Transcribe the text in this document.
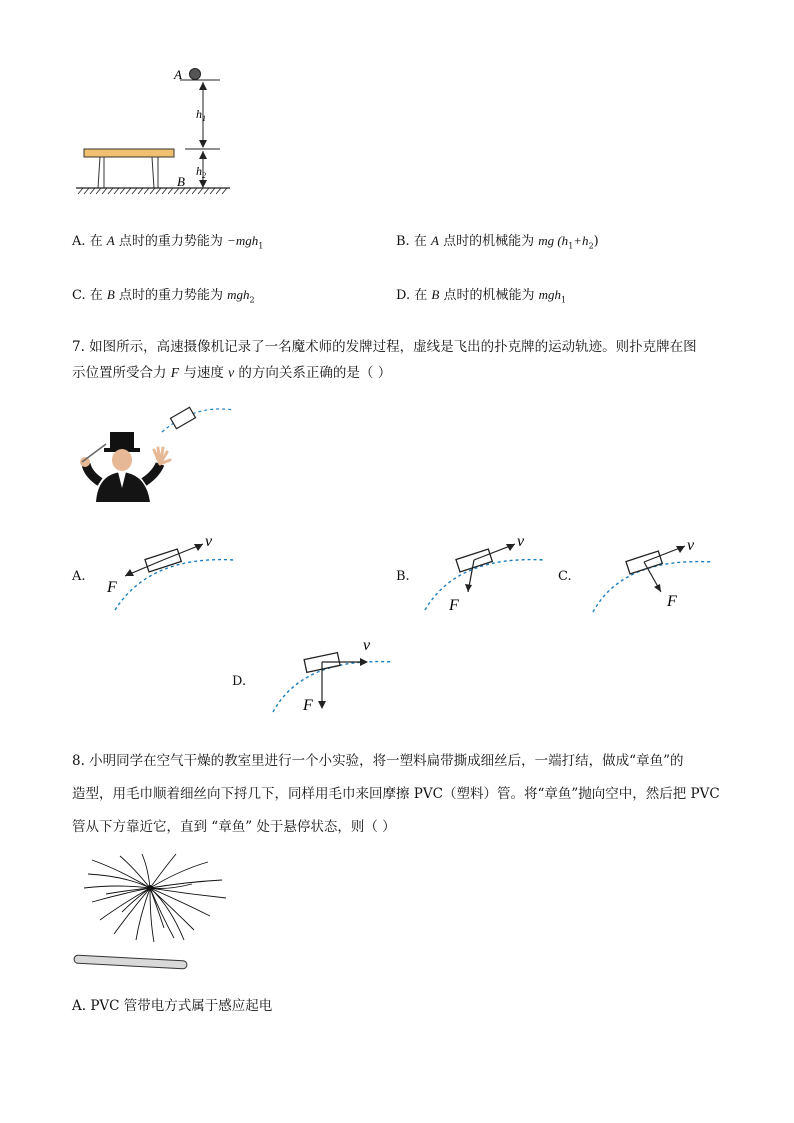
A
B
$h_1$
$h_2$
A. 在 A 点时的重力势能为 −mgh$_1$	B. 在 A 点时的机械能为 mg $(h_1+h_2)$
C. 在 B 点时的重力势能为 mgh$_2$	D. 在 B 点时的机械能为 mgh$_1$
7. 如图所示，高速摄像机记录了一名魔术师的发牌过程，虚线是飞出的扑克牌的运动轨迹。则扑克牌在图
示位置所受合力 F 与速度 v 的方向关系正确的是（ ）
A.
v
F
B.
v
F
C.
v
F
D.
v
F
8. 小明同学在空气干燥的教室里进行一个小实验，将一塑料扁带撕成细丝后，一端打结，做成“章鱼”的
造型，用毛巾顺着细丝向下捋几下，同样用毛巾来回摩擦 PVC（塑料）管。将“章鱼”抛向空中，然后把 PVC
管从下方靠近它，直到 “章鱼” 处于悬停状态，则（ ）
A. PVC 管带电方式属于感应起电
